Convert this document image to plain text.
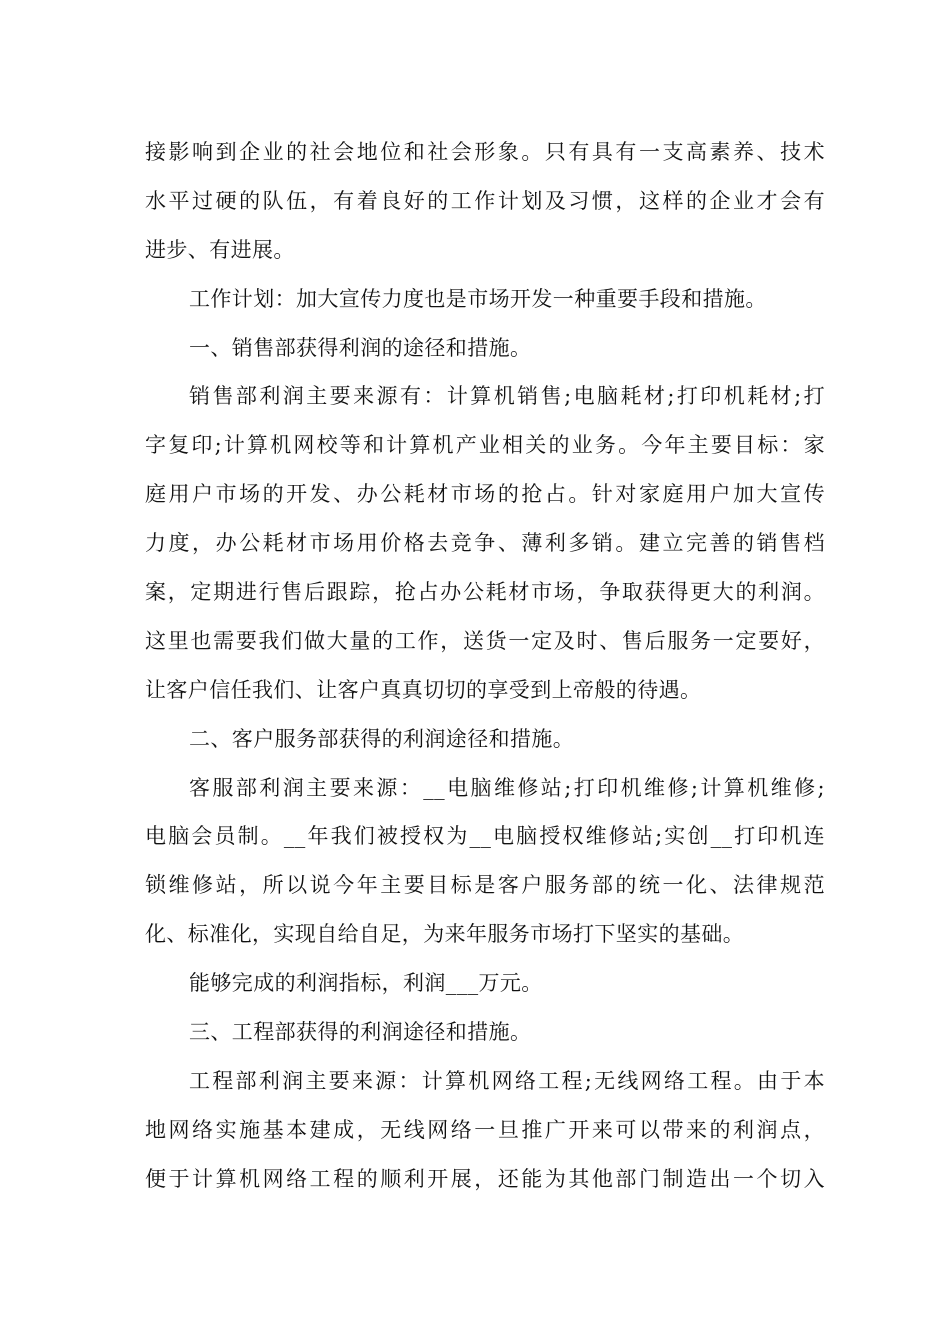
接影响到企业的社会地位和社会形象。只有具有一支高素养、技术
水平过硬的队伍，有着良好的工作计划及习惯，这样的企业才会有
进步、有进展。
工作计划：加大宣传力度也是市场开发一种重要手段和措施。
一、销售部获得利润的途径和措施。
销售部利润主要来源有：计算机销售;电脑耗材;打印机耗材;打
字复印;计算机网校等和计算机产业相关的业务。今年主要目标：家
庭用户市场的开发、办公耗材市场的抢占。针对家庭用户加大宣传
力度，办公耗材市场用价格去竞争、薄利多销。建立完善的销售档
案，定期进行售后跟踪，抢占办公耗材市场，争取获得更大的利润。
这里也需要我们做大量的工作，送货一定及时、售后服务一定要好，
让客户信任我们、让客户真真切切的享受到上帝般的待遇。
二、客户服务部获得的利润途径和措施。
客服部利润主要来源：__电脑维修站;打印机维修;计算机维修;
电脑会员制。__年我们被授权为__电脑授权维修站;实创__打印机连
锁维修站，所以说今年主要目标是客户服务部的统一化、法律规范
化、标准化，实现自给自足，为来年服务市场打下坚实的基础。
能够完成的利润指标，利润___万元。
三、工程部获得的利润途径和措施。
工程部利润主要来源：计算机网络工程;无线网络工程。由于本
地网络实施基本建成，无线网络一旦推广开来可以带来的利润点，
便于计算机网络工程的顺利开展，还能为其他部门制造出一个切入
